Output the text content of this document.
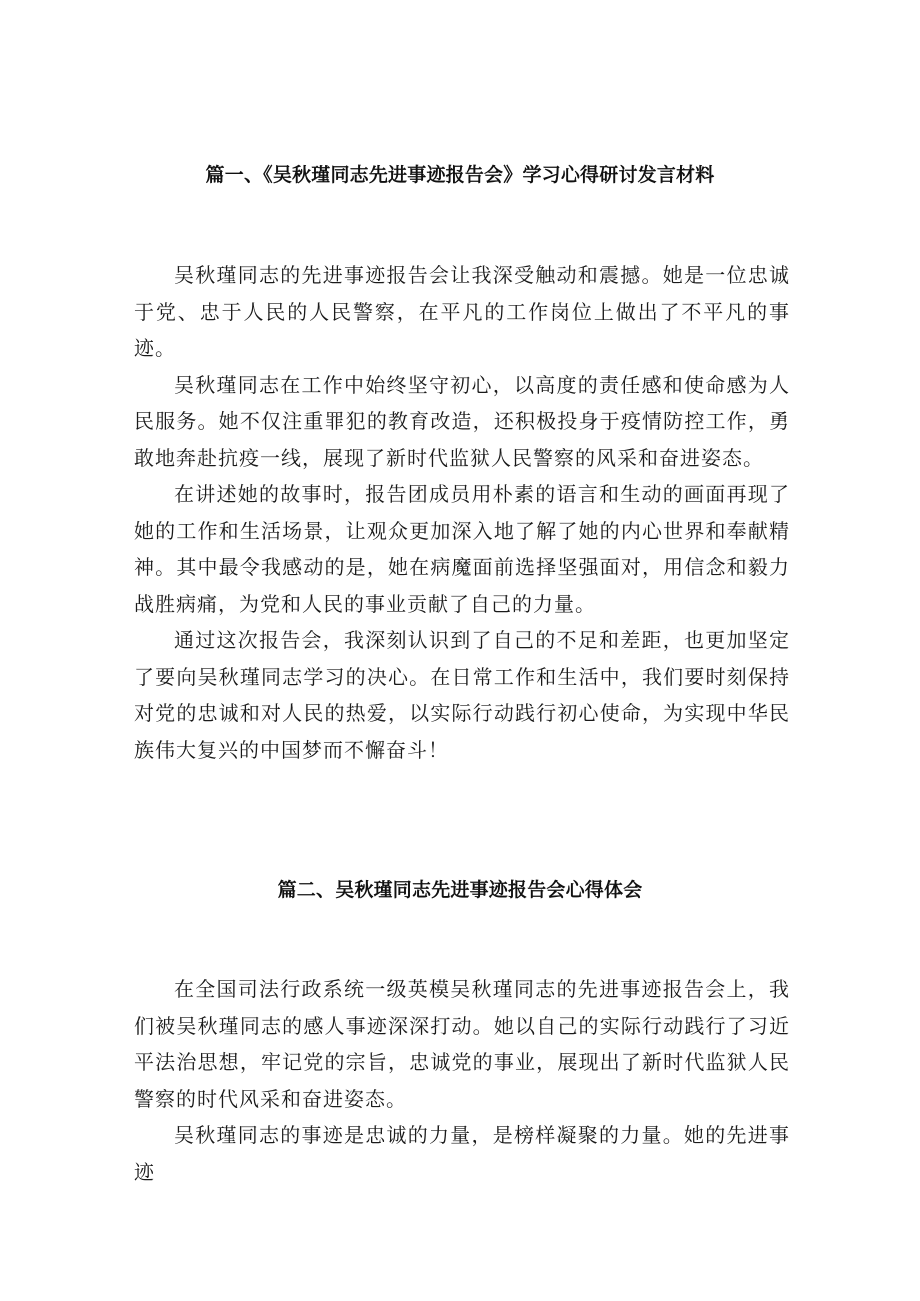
篇一、《吴秋瑾同志先进事迹报告会》学习心得研讨发言材料

吴秋瑾同志的先进事迹报告会让我深受触动和震撼。她是一位忠诚于党、忠于人民的人民警察，在平凡的工作岗位上做出了不平凡的事迹。

吴秋瑾同志在工作中始终坚守初心，以高度的责任感和使命感为人民服务。她不仅注重罪犯的教育改造，还积极投身于疫情防控工作，勇敢地奔赴抗疫一线，展现了新时代监狱人民警察的风采和奋进姿态。

在讲述她的故事时，报告团成员用朴素的语言和生动的画面再现了她的工作和生活场景，让观众更加深入地了解了她的内心世界和奉献精神。其中最令我感动的是，她在病魔面前选择坚强面对，用信念和毅力战胜病痛，为党和人民的事业贡献了自己的力量。

通过这次报告会，我深刻认识到了自己的不足和差距，也更加坚定了要向吴秋瑾同志学习的决心。在日常工作和生活中，我们要时刻保持对党的忠诚和对人民的热爱，以实际行动践行初心使命，为实现中华民族伟大复兴的中国梦而不懈奋斗！

篇二、吴秋瑾同志先进事迹报告会心得体会

在全国司法行政系统一级英模吴秋瑾同志的先进事迹报告会上，我们被吴秋瑾同志的感人事迹深深打动。她以自己的实际行动践行了习近平法治思想，牢记党的宗旨，忠诚党的事业，展现出了新时代监狱人民警察的时代风采和奋进姿态。

吴秋瑾同志的事迹是忠诚的力量，是榜样凝聚的力量。她的先进事迹
